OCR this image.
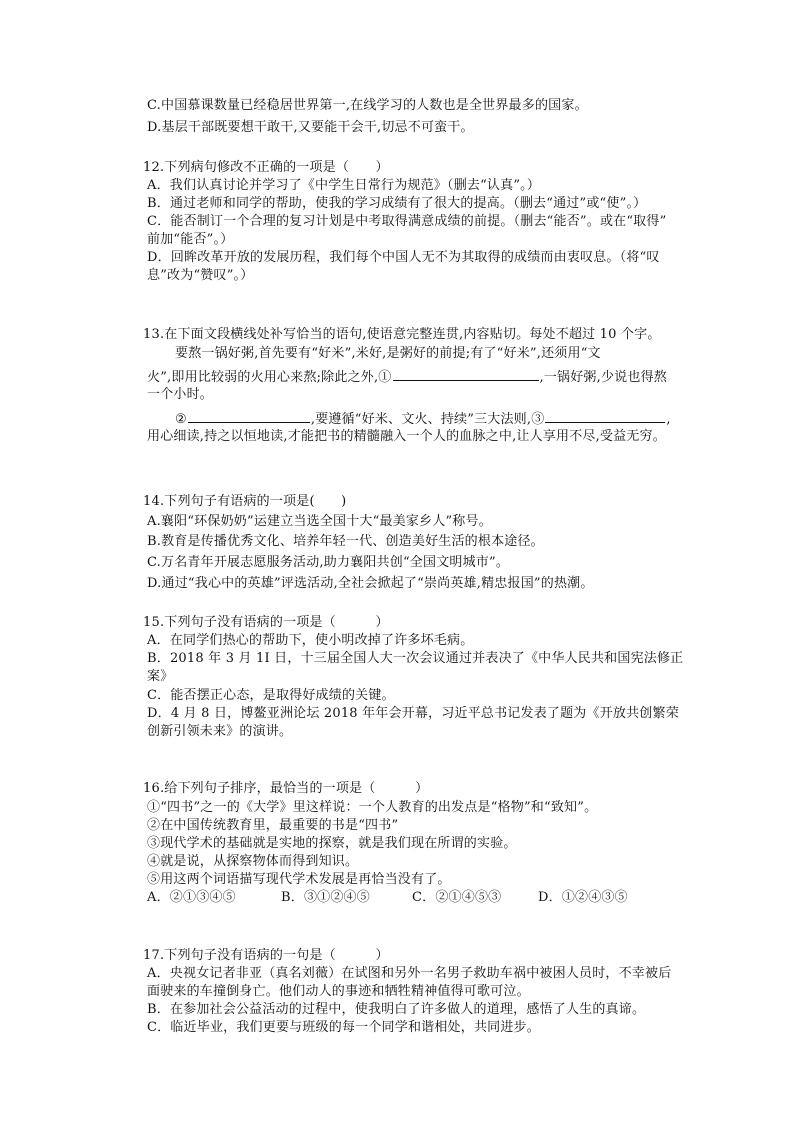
C.中国慕课数量已经稳居世界第一,在线学习的人数也是全世界最多的国家。
D.基层干部既要想干敢干,又要能干会干,切忌不可蛮干。
12.下列病句修改不正确的一项是（　　）
A．我们认真讨论并学习了《中学生日常行为规范》（删去“认真”。）
B．通过老师和同学的帮助，使我的学习成绩有了很大的提高。（删去“通过”或“使”。）
C．能否制订一个合理的复习计划是中考取得满意成绩的前提。（删去“能否”。或在“取得”
前加“能否”。）
D．回眸改革开放的发展历程，我们每个中国人无不为其取得的成绩而由衷叹息。（将“叹
息”改为“赞叹”。）
13.在下面文段横线处补写恰当的语句,使语意完整连贯,内容贴切。每处不超过 10 个字。
要熬一锅好粥,首先要有“好米”,米好,是粥好的前提;有了“好米”,还须用“文
火”,即用比较弱的火用心来熬;除此之外,①	,一锅好粥,少说也得熬
一个小时。
②	,要遵循“好米、文火、持续”三大法则,③	,
用心细读,持之以恒地读,才能把书的精髓融入一个人的血脉之中,让人享用不尽,受益无穷。
14.下列句子有语病的一项是(　　)
A.襄阳“环保奶奶”运建立当选全国十大“最美家乡人”称号。
B.教育是传播优秀文化、培养年轻一代、创造美好生活的根本途径。
C.万名青年开展志愿服务活动,助力襄阳共创“全国文明城市”。
D.通过“我心中的英雄”评选活动,全社会掀起了“崇尚英雄,精忠报国”的热潮。
15.下列句子没有语病的一项是（　　　）
A．在同学们热心的帮助下，使小明改掉了许多坏毛病。
B．2018 年 3 月 1I 日，十三届全国人大一次会议通过并表决了《中华人民共和国宪法修正
案》
C．能否摆正心态，是取得好成绩的关键。
D．4 月 8 日，博鳌亚洲论坛 2018 年年会开幕，习近平总书记发表了题为《开放共创繁荣
创新引领未来》的演讲。
16.给下列句子排序，最恰当的一项是（　　　）
①“四书”之一的《大学》里这样说：一个人教育的出发点是“格物”和“致知”。
②在中国传统教育里，最重要的书是“四书”
③现代学术的基础就是实地的探察，就是我们现在所谓的实验。
④就是说，从探察物体而得到知识。
⑤用这两个词语描写现代学术发展是再恰当没有了。
A．②①③④⑤	B．③①②④⑤	C．②①④⑤③	D．①②④③⑤
17.下列句子没有语病的一句是（　　　）
A．央视女记者非亚（真名刘薇）在试图和另外一名男子救助车祸中被困人员时，不幸被后
面驶来的车撞倒身亡。他们动人的事迹和牺牲精神值得可歌可泣。
B．在参加社会公益活动的过程中，使我明白了许多做人的道理，感悟了人生的真谛。
C．临近毕业，我们更要与班级的每一个同学和谐相处，共同进步。
